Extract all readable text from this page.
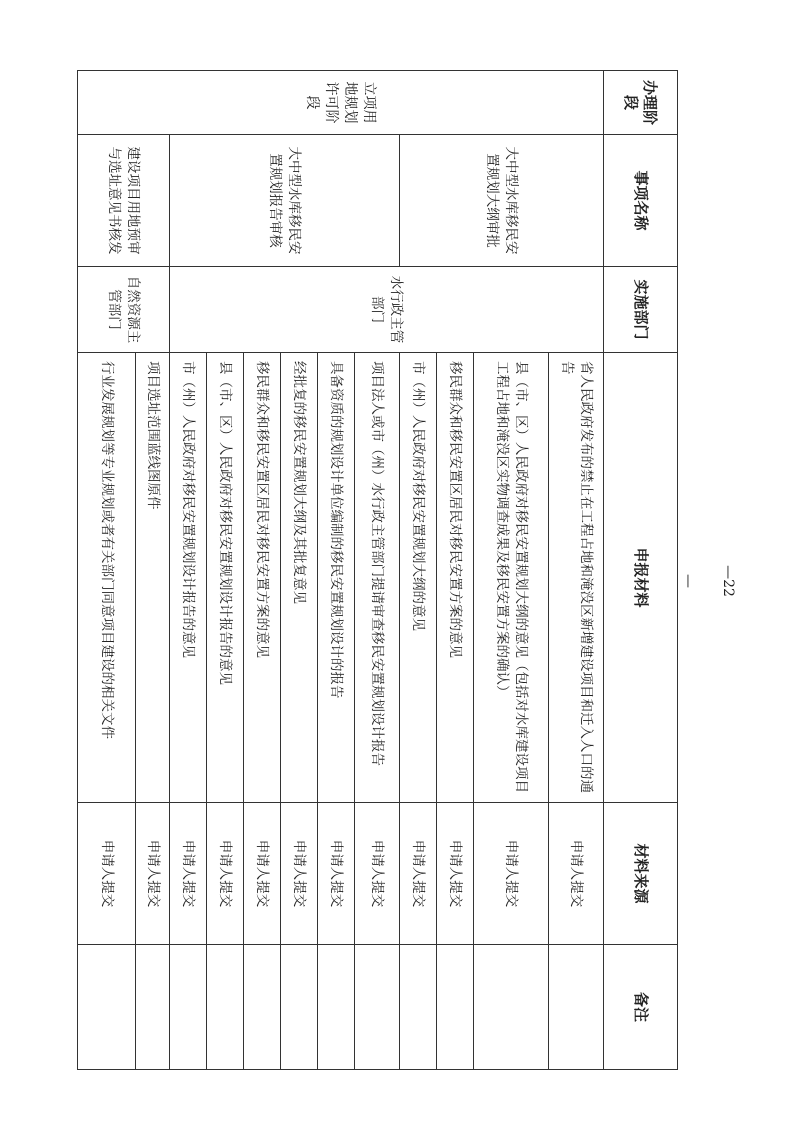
办理阶段	事项名称	实施部门	申报材料	材料来源	备注
立项用地规划许可阶段	大中型水库移民安置规划大纲审批	水行政主管部门	省人民政府发布的禁止在工程占地和淹没区新增建设项目和迁入人口的通告	申请人提交	
			县（市、区）人民政府对移民安置规划大纲的意见（包括对水库建设项目工程占地和淹没区实物调查成果及移民安置方案的确认）	申请人提交	
			移民群众和移民安置区居民对移民安置方案的意见	申请人提交	
			市（州）人民政府对移民安置规划大纲的意见	申请人提交	
	大中型水库移民安置规划报告审核		项目法人或市（州）水行政主管部门提请审查移民安置规划设计报告	申请人提交	
			具备资质的规划设计单位编制的移民安置规划设计的报告	申请人提交	
			经批复的移民安置规划大纲及其批复意见	申请人提交	
			移民群众和移民安置区居民对移民安置方案的意见	申请人提交	
			县（市、区）人民政府对移民安置规划设计报告的意见	申请人提交	
			市（州）人民政府对移民安置规划设计报告的意见	申请人提交	
	建设项目用地预审与选址意见书核发	自然资源主管部门	项目选址范围蓝线图原件	申请人提交	
			行业发展规划等专业规划或者有关部门同意项目建设的相关文件	申请人提交	
—22—
